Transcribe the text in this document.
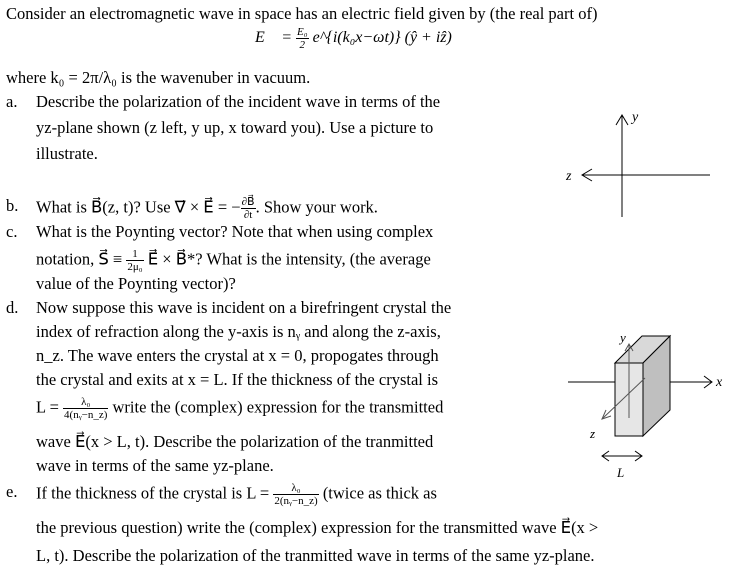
Consider an electromagnetic wave in space has an electric field given by (the real part of)
E⃗ = $\frac{\text{E₀}}{2}$ e^{i(k₀x−ωt)} (ŷ + iẑ)
where k₀ = 2π/λ₀ is the wavenuber in vacuum.
a. Describe the polarization of the incident wave in terms of the
yz-plane shown (z left, y up, x toward you). Use a picture to
illustrate.
b. What is B⃗(z, t)? Use ∇⃗ × E⃗ = − $\frac{\partial B⃗}{\partial t}$ . Show your work.
c. What is the Poynting vector? Note that when using complex
notation, S⃗ ≡ $\frac{1}{\text{2μ₀}}$ E⃗ × B⃗*? What is the intensity, (the average
value of the Poynting vector)?
d. Now suppose this wave is incident on a birefringent crystal the
index of refraction along the y-axis is nᵧ and along the z-axis,
n_z. The wave enters the crystal at x = 0, propogates through
the crystal and exits at x = L. If the thickness of the crystal is
$L = \frac{\text{λ₀}}{\text{4(nᵧ−n\_z)}}$ write the (complex) expression for the transmitted
wave E⃗(x > L, t). Describe the polarization of the tranmitted
wave in terms of the same yz-plane.
e. If the thickness of the crystal is $L = \frac{\text{λ₀}}{\text{2(nᵧ−n\_z)}}$ (twice as thick as
the previous question) write the (complex) expression for the transmitted wave E⃗(x >
L, t). Describe the polarization of the tranmitted wave in terms of the same yz-plane.
y
z
y
z
x
L
